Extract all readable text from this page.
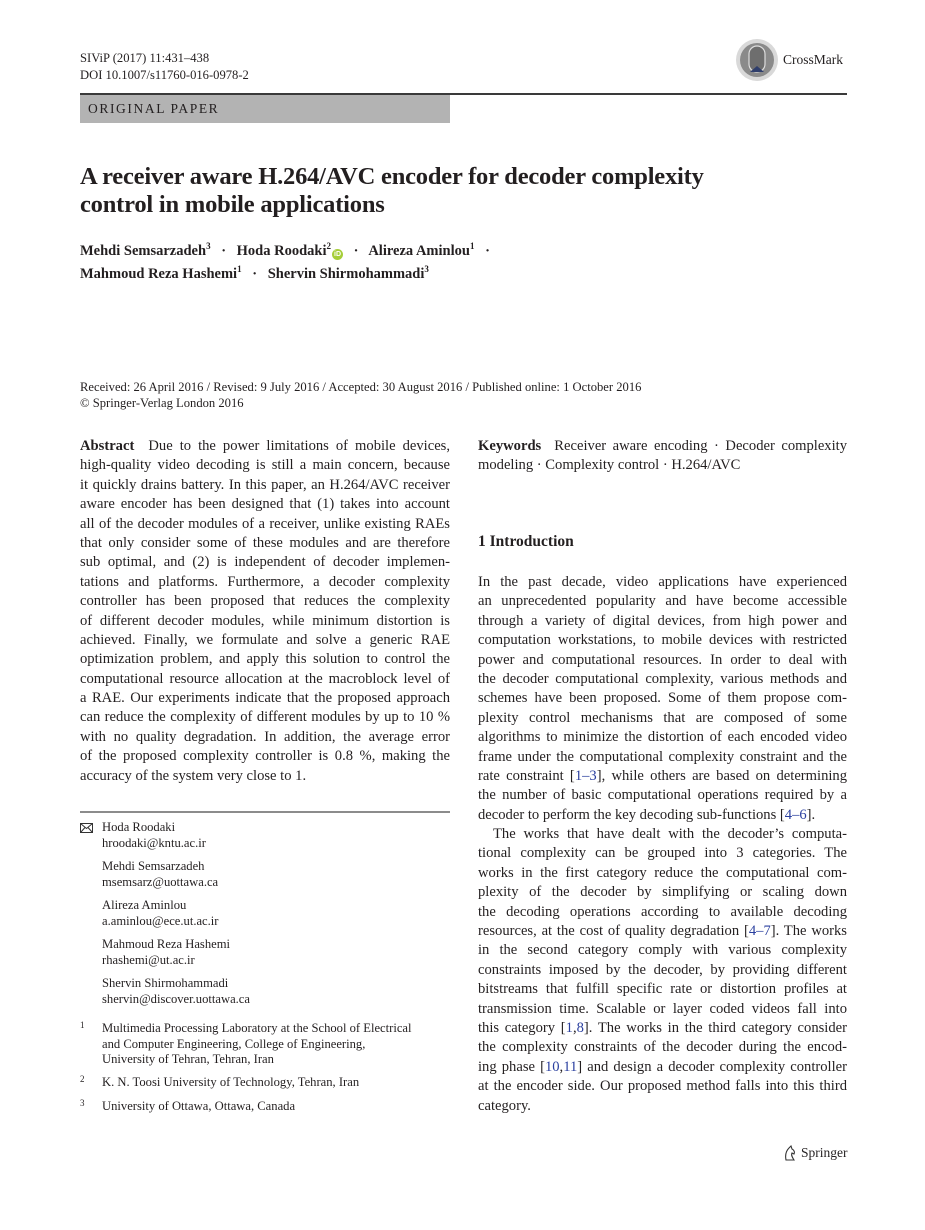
SIViP (2017) 11:431–438
DOI 10.1007/s11760-016-0978-2
CrossMark
ORIGINAL PAPER
A receiver aware H.264/AVC encoder for decoder complexity
control in mobile applications
Mehdi Semsarzadeh$^3$ · Hoda Roodaki$^2$iD · Alireza Aminlou$^1$ ·
Mahmoud Reza Hashemi$^1$ · Shervin Shirmohammadi$^3$
Received: 26 April 2016 / Revised: 9 July 2016 / Accepted: 30 August 2016 / Published online: 1 October 2016
© Springer-Verlag London 2016
Abstract Due to the power limitations of mobile devices,
high-quality video decoding is still a main concern, because
it quickly drains battery. In this paper, an H.264/AVC receiver
aware encoder has been designed that (1) takes into account
all of the decoder modules of a receiver, unlike existing RAEs
that only consider some of these modules and are therefore
sub optimal, and (2) is independent of decoder implemen-
tations and platforms. Furthermore, a decoder complexity
controller has been proposed that reduces the complexity
of different decoder modules, while minimum distortion is
achieved. Finally, we formulate and solve a generic RAE
optimization problem, and apply this solution to control the
computational resource allocation at the macroblock level of
a RAE. Our experiments indicate that the proposed approach
can reduce the complexity of different modules by up to 10 %
with no quality degradation. In addition, the average error
of the proposed complexity controller is 0.8 %, making the
accuracy of the system very close to 1.
Keywords Receiver aware encoding · Decoder complexity
modeling · Complexity control · H.264/AVC
1 Introduction
In the past decade, video applications have experienced
an unprecedented popularity and have become accessible
through a variety of digital devices, from high power and
computation workstations, to mobile devices with restricted
power and computational resources. In order to deal with
the decoder computational complexity, various methods and
schemes have been proposed. Some of them propose com-
plexity control mechanisms that are composed of some
algorithms to minimize the distortion of each encoded video
frame under the computational complexity constraint and the
rate constraint [1–3], while others are based on determining
the number of basic computational operations required by a
decoder to perform the key decoding sub-functions [4–6].
The works that have dealt with the decoder’s computa-
tional complexity can be grouped into 3 categories. The
works in the first category reduce the computational com-
plexity of the decoder by simplifying or scaling down
the decoding operations according to available decoding
resources, at the cost of quality degradation [4–7]. The works
in the second category comply with various complexity
constraints imposed by the decoder, by providing different
bitstreams that fulfill specific rate or distortion profiles at
transmission time. Scalable or layer coded videos fall into
this category [1,8]. The works in the third category consider
the complexity constraints of the decoder during the encod-
ing phase [10,11] and design a decoder complexity controller
at the encoder side. Our proposed method falls into this third
category.
Hoda Roodaki
hroodaki@kntu.ac.ir
Mehdi Semsarzadeh
msemsarz@uottawa.ca
Alireza Aminlou
a.aminlou@ece.ut.ac.ir
Mahmoud Reza Hashemi
rhashemi@ut.ac.ir
Shervin Shirmohammadi
shervin@discover.uottawa.ca
1 Multimedia Processing Laboratory at the School of Electrical
and Computer Engineering, College of Engineering,
University of Tehran, Tehran, Iran
2 K. N. Toosi University of Technology, Tehran, Iran
3 University of Ottawa, Ottawa, Canada
Springer
